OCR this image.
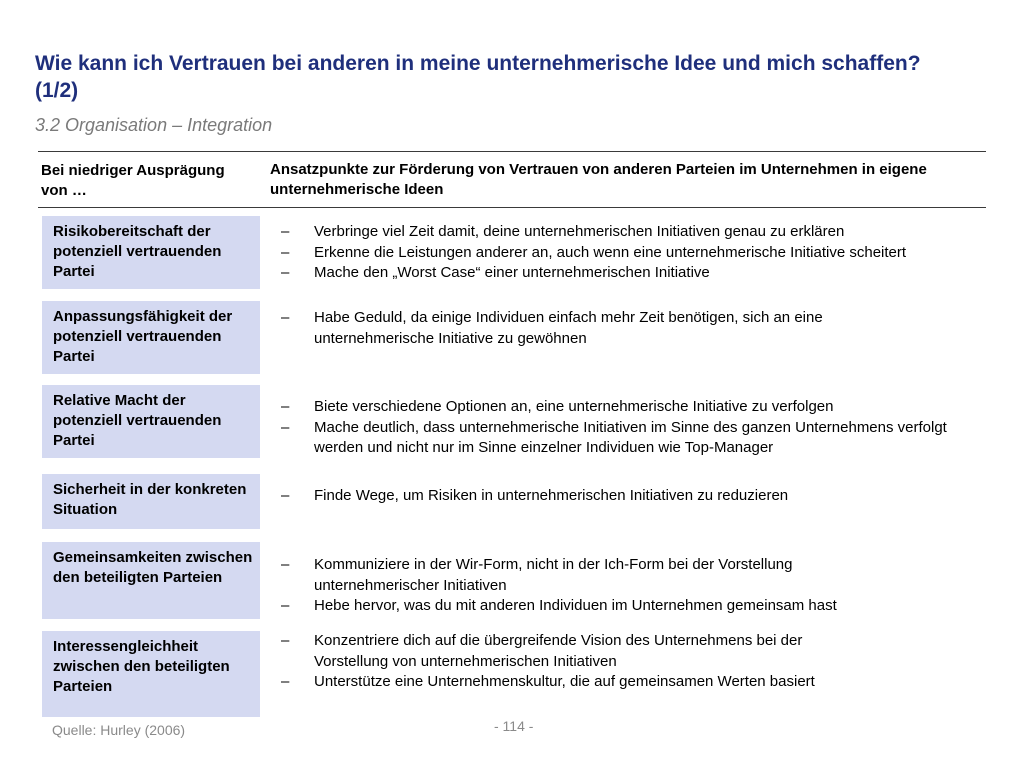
Wie kann ich Vertrauen bei anderen in meine unternehmerische Idee und mich schaffen? (1/2)
3.2 Organisation – Integration
Bei niedriger Ausprägung von …
Ansatzpunkte zur Förderung von Vertrauen von anderen Parteien im Unternehmen in eigene unternehmerische Ideen
Risikobereitschaft der potenziell vertrauenden Partei
– Verbringe viel Zeit damit, deine unternehmerischen Initiativen genau zu erklären
– Erkenne die Leistungen anderer an, auch wenn eine unternehmerische Initiative scheitert
– Mache den „Worst Case“ einer unternehmerischen Initiative
Anpassungsfähigkeit der potenziell vertrauenden Partei
– Habe Geduld, da einige Individuen einfach mehr Zeit benötigen, sich an eine unternehmerische Initiative zu gewöhnen
Relative Macht der potenziell vertrauenden Partei
– Biete verschiedene Optionen an, eine unternehmerische Initiative zu verfolgen
– Mache deutlich, dass unternehmerische Initiativen im Sinne des ganzen Unternehmens verfolgt werden und nicht nur im Sinne einzelner Individuen wie Top-Manager
Sicherheit in der konkreten Situation
– Finde Wege, um Risiken in unternehmerischen Initiativen zu reduzieren
Gemeinsamkeiten zwischen den beteiligten Parteien
– Kommuniziere in der Wir-Form, nicht in der Ich-Form bei der Vorstellung unternehmerischer Initiativen
– Hebe hervor, was du mit anderen Individuen im Unternehmen gemeinsam hast
Interessengleichheit zwischen den beteiligten Parteien
– Konzentriere dich auf die übergreifende Vision des Unternehmens bei der Vorstellung von unternehmerischen Initiativen
– Unterstütze eine Unternehmenskultur, die auf gemeinsamen Werten basiert
Quelle: Hurley (2006)	- 114 -
